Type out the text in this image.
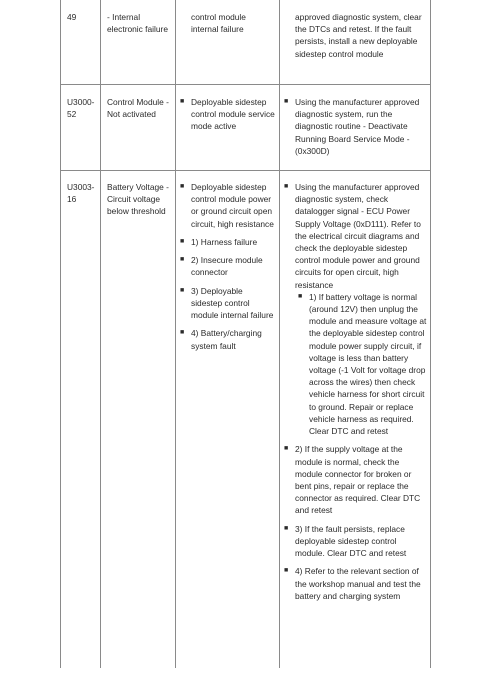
49	- Internal electronic failure

control module internal failure

approved diagnostic system, clear the DTCs and retest. If the fault persists, install a new deployable sidestep control module

U3000-52

Control Module - Not activated

■ Deployable sidestep control module service mode active
■ Using the manufacturer approved diagnostic system, run the diagnostic routine - Deactivate Running Board Service Mode - (0x300D)

U3003-16

Battery Voltage - Circuit voltage below threshold

■ Deployable sidestep control module power or ground circuit open circuit, high resistance
■ 1) Harness failure
■ 2) Insecure module connector
■ 3) Deployable sidestep control module internal failure
■ 4) Battery/charging system fault
■ Using the manufacturer approved diagnostic system, check datalogger signal - ECU Power Supply Voltage (0xD111). Refer to the electrical circuit diagrams and check the deployable sidestep control module power and ground circuits for open circuit, high resistance
■ 1) If battery voltage is normal (around 12V) then unplug the module and measure voltage at the deployable sidestep control module power supply circuit, if voltage is less than battery voltage (-1 Volt for voltage drop across the wires) then check vehicle harness for short circuit to ground. Repair or replace vehicle harness as required. Clear DTC and retest
■ 2) If the supply voltage at the module is normal, check the module connector for broken or bent pins, repair or replace the connector as required. Clear DTC and retest
■ 3) If the fault persists, replace deployable sidestep control module. Clear DTC and retest
■ 4) Refer to the relevant section of the workshop manual and test the battery and charging system
